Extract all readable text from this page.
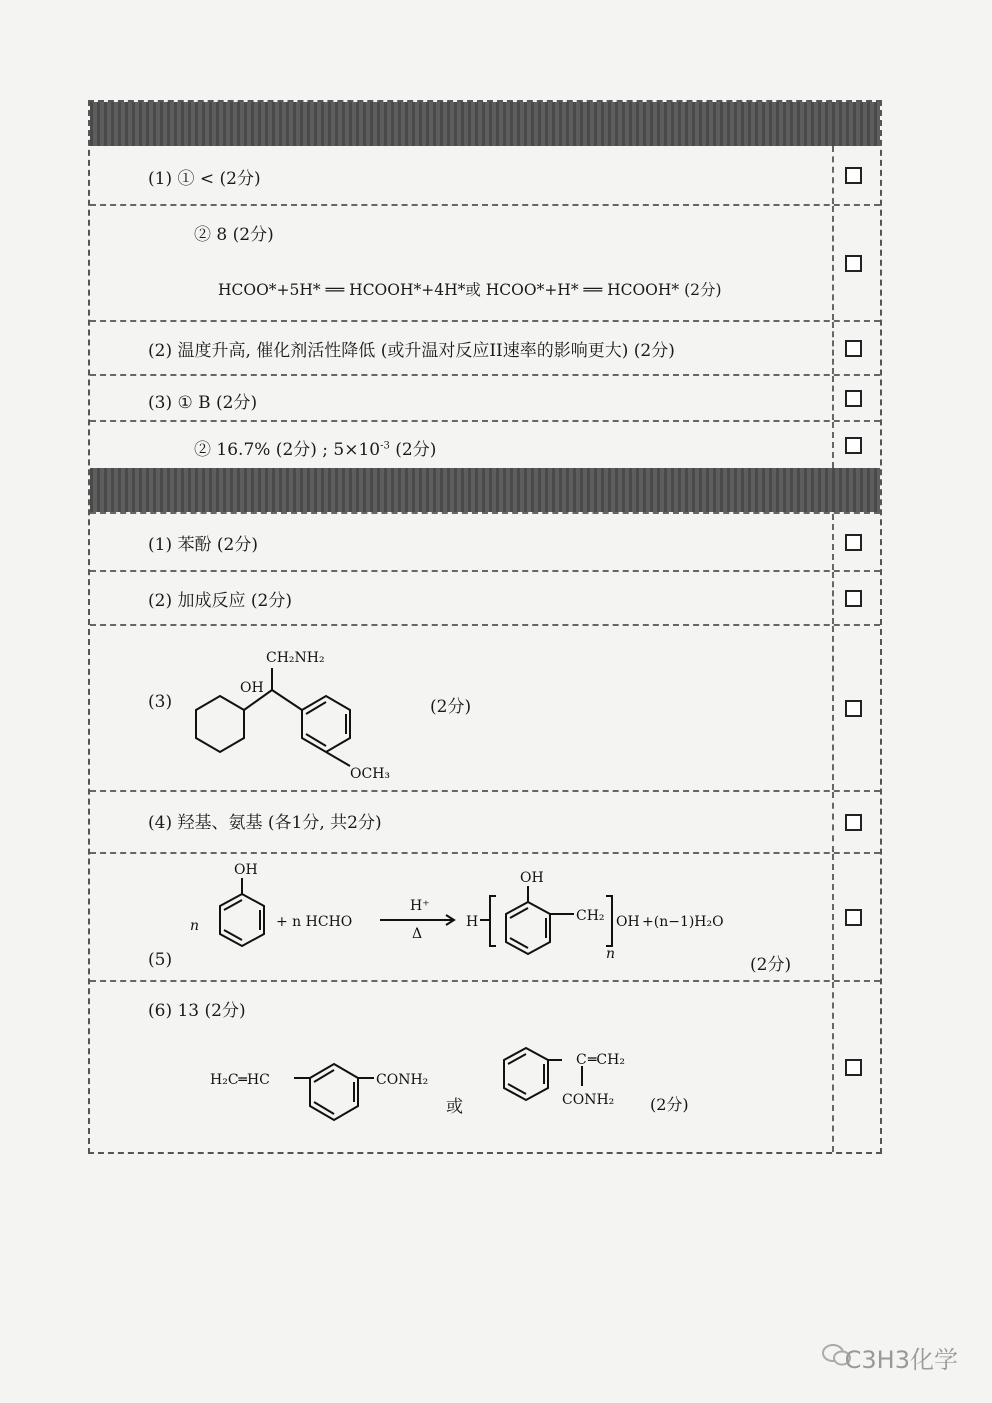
(1) ① < (2分)
② 8 (2分)
HCOO*+5H* ══ HCOOH*+4H*或 HCOO*+H* ══ HCOOH* (2分)
(2) 温度升高, 催化剂活性降低 (或升温对反应II速率的影响更大) (2分)
(3) ① B (2分)
② 16.7% (2分) ; $5\times 10^{-3}$ (2分)
(1) 苯酚 (2分)
(2) 加成反应 (2分)
(3)
OH
CH₂NH₂
OCH₃
(2分)
(4) 羟基、氨基 (各1分, 共2分)
n
OH
+ n HCHO
H⁺
Δ
H
OH
CH₂
n
OH +(n−1)H₂O
(5)	(2分)
(6) 13 (2分)
H₂C═HC	CONH₂
或
C ═CH₂
CONH₂ (2分)
C3H3化学
